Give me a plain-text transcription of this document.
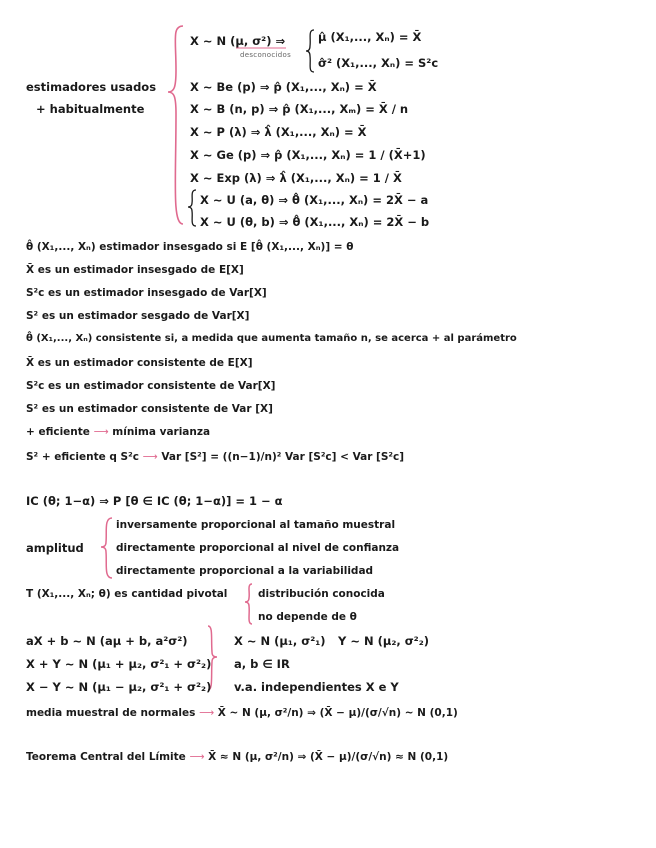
estimadores usados
+ habitualmente
X ~ N (μ, σ²) ⇒
desconocidos
μ̂ (X₁,..., Xₙ) = X̄
σ̂² (X₁,..., Xₙ) = S²c
X ~ Be (p) ⇒ p̂ (X₁,..., Xₙ) = X̄
X ~ B (n, p) ⇒ p̂ (X₁,..., Xₘ) = X̄ / n
X ~ P (λ) ⇒ λ̂ (X₁,..., Xₙ) = X̄
X ~ Ge (p) ⇒ p̂ (X₁,..., Xₙ) = 1 / (X̄+1)
X ~ Exp (λ) ⇒ λ̂ (X₁,..., Xₙ) = 1 / X̄
X ~ U (a, θ) ⇒ θ̂ (X₁,..., Xₙ) = 2X̄ − a
X ~ U (θ, b) ⇒ θ̂ (X₁,..., Xₙ) = 2X̄ − b
θ̂ (X₁,..., Xₙ) estimador insesgado si E [θ̂ (X₁,..., Xₙ)] = θ
X̄ es un estimador insesgado de E[X]
S²c es un estimador insesgado de Var[X]
S² es un estimador sesgado de Var[X]
θ̂ (X₁,..., Xₙ) consistente si, a medida que aumenta tamaño n, se acerca + al parámetro
X̄ es un estimador consistente de E[X]
S²c es un estimador consistente de Var[X]
S² es un estimador consistente de Var [X]
+ eficiente ⟶ mínima varianza
S² + eficiente q S²c ⟶ Var [S²] = ((n−1)/n)² Var [S²c] < Var [S²c]
IC (θ; 1−α) ⇒ P [θ ∈ IC (θ; 1−α)] = 1 − α
amplitud
inversamente proporcional al tamaño muestral
directamente proporcional al nivel de confianza
directamente proporcional a la variabilidad
T (X₁,..., Xₙ; θ) es cantidad pivotal	distribución conocida
no depende de θ
aX + b ~ N (aμ + b, a²σ²)
X + Y ~ N (μ₁ + μ₂, σ²₁ + σ²₂)
X − Y ~ N (μ₁ − μ₂, σ²₁ + σ²₂)
X ~ N (μ₁, σ²₁) Y ~ N (μ₂, σ²₂)
a, b ∈ IR
v.a. independientes X e Y
media muestral de normales ⟶ X̄ ~ N (μ, σ²/n) ⇒ (X̄ − μ)/(σ/√n) ~ N (0,1)
Teorema Central del Límite ⟶ X̄ ≈ N (μ, σ²/n) ⇒ (X̄ − μ)/(σ/√n) ≈ N (0,1)
